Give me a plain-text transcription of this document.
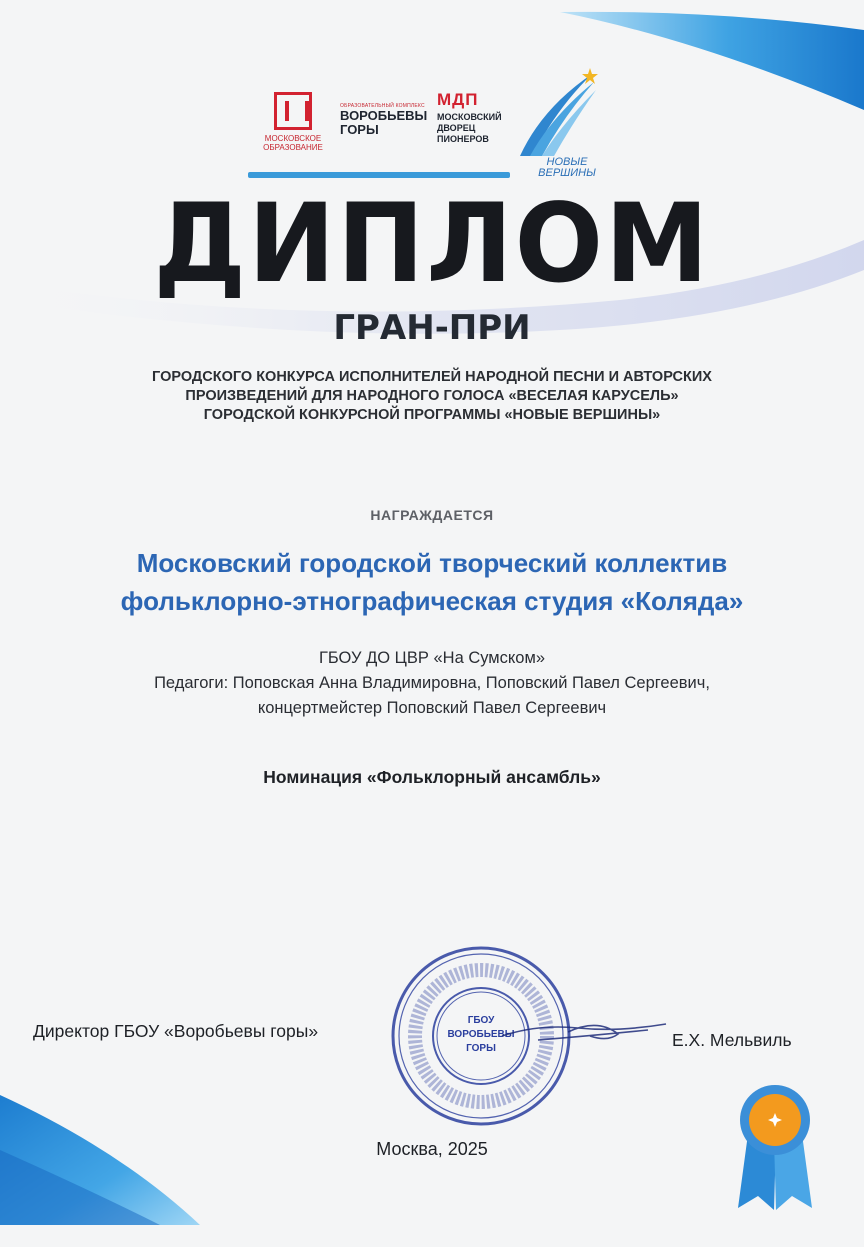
МОСКОВСКОЕ ОБРАЗОВАНИЕ
ОБРАЗОВАТЕЛЬНЫЙ КОМПЛЕКС
ВОРОБЬЕВЫ ГОРЫ
МДП
МОСКОВСКИЙ ДВОРЕЦ ПИОНЕРОВ
НОВЫЕ ВЕРШИНЫ
ДИПЛОМ
ГРАН-ПРИ
ГОРОДСКОГО КОНКУРСА ИСПОЛНИТЕЛЕЙ НАРОДНОЙ ПЕСНИ И АВТОРСКИХ
ПРОИЗВЕДЕНИЙ ДЛЯ НАРОДНОГО ГОЛОСА «ВЕСЕЛАЯ КАРУСЕЛЬ»
ГОРОДСКОЙ КОНКУРСНОЙ ПРОГРАММЫ «НОВЫЕ ВЕРШИНЫ»
НАГРАЖДАЕТСЯ
Московский городской творческий коллектив
фольклорно-этнографическая студия «Коляда»
ГБОУ ДО ЦВР «На Сумском»
Педагоги: Поповская Анна Владимировна, Поповский Павел Сергеевич,
концертмейстер Поповский Павел Сергеевич
Номинация «Фольклорный ансамбль»
Директор ГБОУ «Воробьевы горы»
ГБОУ
ВОРОБЬЕВЫ
ГОРЫ	Е.Х. Мельвиль
Москва, 2025
